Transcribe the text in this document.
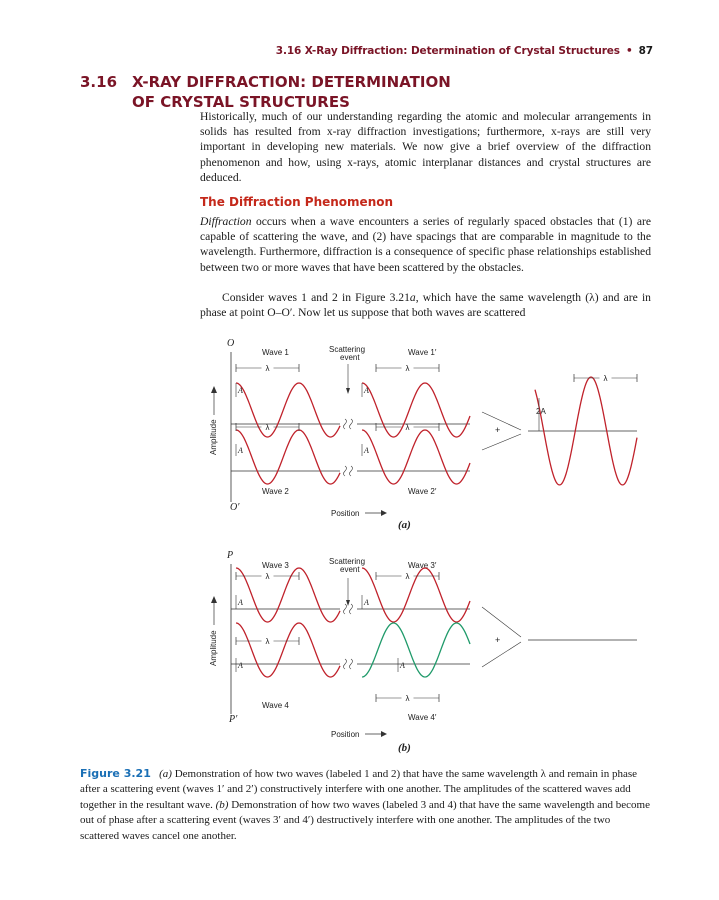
3.16 X-Ray Diffraction: Determination of Crystal Structures • 87
3.16 X-RAY DIFFRACTION: DETERMINATION
OF CRYSTAL STRUCTURES

Historically, much of our understanding regarding the atomic and molecular arrangements in solids has resulted from x-ray diffraction investigations; furthermore, x-rays are still very important in developing new materials. We now give a brief overview of the diffraction phenomenon and how, using x-rays, atomic interplanar distances and crystal structures are deduced.

The Diffraction Phenomenon

Diffraction occurs when a wave encounters a series of regularly spaced obstacles that (1) are capable of scattering the wave, and (2) have spacings that are comparable in magnitude to the wavelength. Furthermore, diffraction is a consequence of specific phase relationships established between two or more waves that have been scattered by the obstacles.

Consider waves 1 and 2 in Figure 3.21a, which have the same wavelength (λ) and are in phase at point O–O′. Now let us suppose that both waves are scattered

O
O′
Wave 1	Wave 1′
Wave 2	Wave 2′
Scattering
event
Amplitude
Position
(a)
+
2A
P
P′
Wave 3	Wave 3′
Wave 4
Wave 4′
Scattering
event
Amplitude
Position
(b)
+
λ	λ
λ	λ
A	A
A	A
λ
λ	λ
λ
λ
A	A
A	A

Figure 3.21 (a) Demonstration of how two waves (labeled 1 and 2) that have the same wavelength λ and remain in phase after a scattering event (waves 1′ and 2′) constructively interfere with one another. The amplitudes of the scattered waves add together in the resultant wave. (b) Demonstration of how two waves (labeled 3 and 4) that have the same wavelength and become out of phase after a scattering event (waves 3′ and 4′) destructively interfere with one another. The amplitudes of the two scattered waves cancel one another.
